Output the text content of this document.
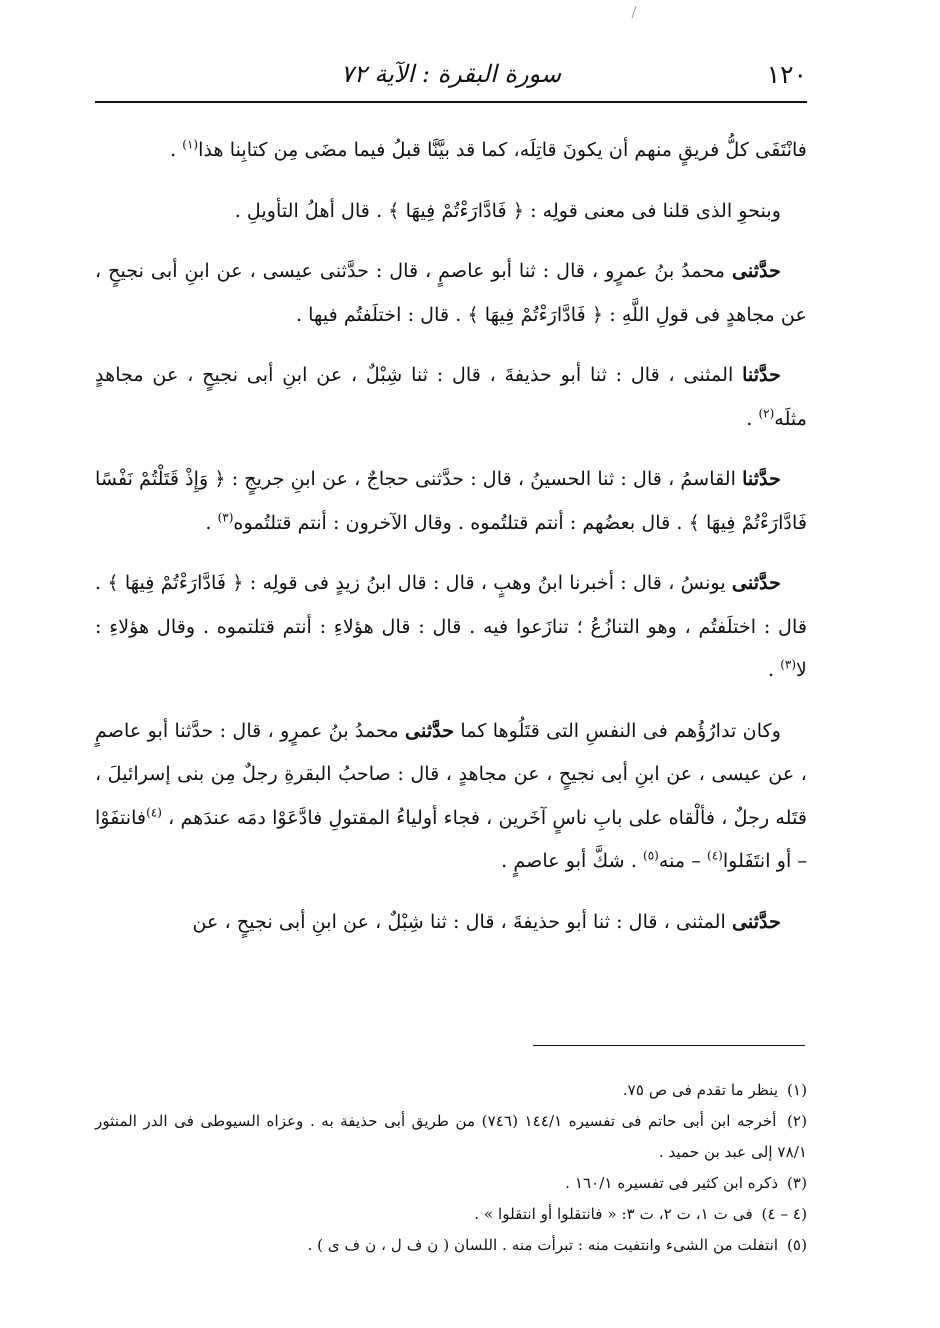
١٢٠
سورة البقرة : الآية ٧٢

فانْتَفَى كلُّ فريقٍ منهم أن يكونَ قاتِلَه، كما قد بيَّنَّا قبلُ فيما مضَى مِن كتابِنا هذا$^{(١)}$ .

وبنحوِ الذى قلنا فى معنى قولِه : ﴿ فَادَّارَءْتُمْ فِيهَا ﴾ . قال أهلُ التأويلِ .

حدَّثنى محمدُ بنُ عمرٍو ، قال : ثنا أبو عاصمٍ ، قال : حدَّثنى عيسى ، عن ابنِ أبى نجيحٍ ، عن مجاهدٍ فى قولِ اللَّهِ : ﴿ فَادَّارَءْتُمْ فِيهَا ﴾ . قال : اختلَفتُم فيها .

حدَّثنا المثنى ، قال : ثنا أبو حذيفةَ ، قال : ثنا شِبْلٌ ، عن ابنِ أبى نجيحٍ ، عن مجاهدٍ مثلَه$^{(٢)}$ .

حدَّثنا القاسمُ ، قال : ثنا الحسينُ ، قال : حدَّثنى حجاجٌ ، عن ابنِ جريجٍ : ﴿ وَإِذْ قَتَلْتُمْ نَفْسًا فَادَّارَءْتُمْ فِيهَا ﴾ . قال بعضُهم : أنتم قتلتُموه . وقال الآخرون : أنتم قتلتُموه$^{(٣)}$ .

حدَّثنى يونسُ ، قال : أخبرنا ابنُ وهبٍ ، قال : قال ابنُ زيدٍ فى قولِه : ﴿ فَادَّارَءْتُمْ فِيهَا ﴾ . قال : اختلَفتُم ، وهو التنازُعُ ؛ تنازَعوا فيه . قال : قال هؤلاءِ : أنتم قتلتموه . وقال هؤلاءِ : لا$^{(٣)}$ .

وكان تدارُؤُهم فى النفسِ التى قتَلُوها كما حدَّثنى محمدُ بنُ عمرٍو ، قال : حدَّثنا أبو عاصمٍ ، عن عيسى ، عن ابنِ أبى نجيحٍ ، عن مجاهدٍ ، قال : صاحبُ البقرةِ رجلٌ مِن بنى إسرائيلَ ، قتَله رجلٌ ، فألْقاه على بابِ ناسٍ آخَرين ، فجاء أولياءُ المقتولِ فادَّعَوْا دمَه عندَهم ، $^{(٤)}$فانتفَوْا – أو انتَفَلوا$^{(٤)}$ – منه$^{(٥)}$ . شكَّ أبو عاصمٍ .

حدَّثنى المثنى ، قال : ثنا أبو حذيفةَ ، قال : ثنا شِبْلٌ ، عن ابنِ أبى نجيحٍ ، عن

(١) ينظر ما تقدم فى ص ٧٥.

(٢) أخرجه ابن أبى حاتم فى تفسيره ١٤٤/١ (٧٤٦) من طريق أبى حذيفة به . وعزاه السيوطى فى الدر المنثور ٧٨/١ إلى عبد بن حميد .

(٣) ذكره ابن كثير فى تفسيره ١٦٠/١ .

(٤ – ٤) فى ت ١، ت ٢، ت ٣: « فانتقلوا أو انتقلوا » .

(٥) انتفلت من الشىء وانتفيت منه : تبرأت منه . اللسان ( ن ف ل ، ن ف ى ) .
